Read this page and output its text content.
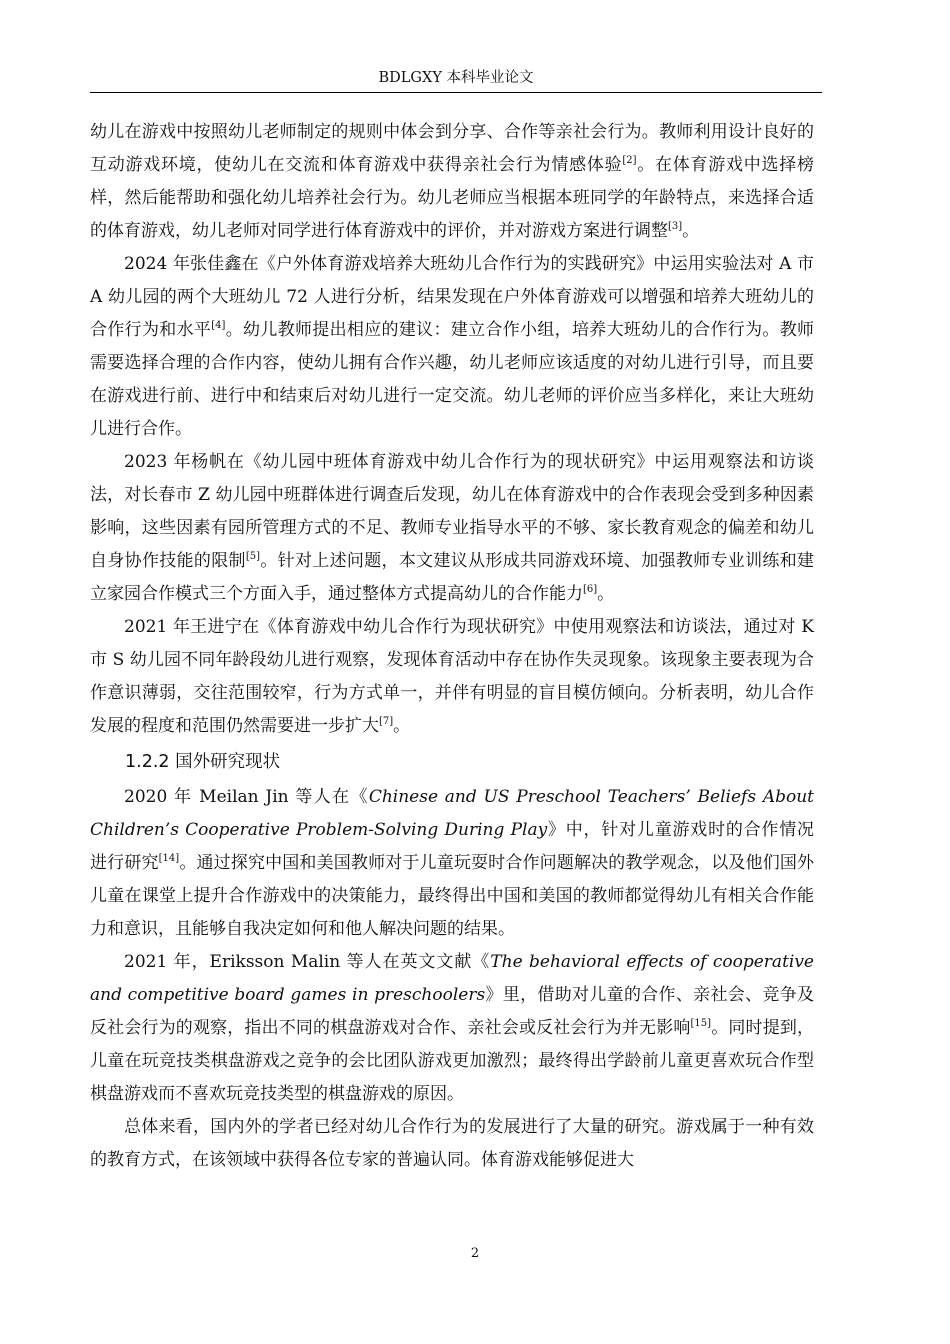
BDLGXY 本科毕业论文

幼儿在游戏中按照幼儿老师制定的规则中体会到分享、合作等亲社会行为。教师利用设计良好的互动游戏环境，使幼儿在交流和体育游戏中获得亲社会行为情感体验[2]。在体育游戏中选择榜样，然后能帮助和强化幼儿培养社会行为。幼儿老师应当根据本班同学的年龄特点，来选择合适的体育游戏，幼儿老师对同学进行体育游戏中的评价，并对游戏方案进行调整[3]。

2024 年张佳鑫在《户外体育游戏培养大班幼儿合作行为的实践研究》中运用实验法对 A 市 A 幼儿园的两个大班幼儿 72 人进行分析，结果发现在户外体育游戏可以增强和培养大班幼儿的合作行为和水平[4]。幼儿教师提出相应的建议：建立合作小组，培养大班幼儿的合作行为。教师需要选择合理的合作内容，使幼儿拥有合作兴趣，幼儿老师应该适度的对幼儿进行引导，而且要在游戏进行前、进行中和结束后对幼儿进行一定交流。幼儿老师的评价应当多样化，来让大班幼儿进行合作。

2023 年杨帆在《幼儿园中班体育游戏中幼儿合作行为的现状研究》中运用观察法和访谈法，对长春市 Z 幼儿园中班群体进行调查后发现，幼儿在体育游戏中的合作表现会受到多种因素影响，这些因素有园所管理方式的不足、教师专业指导水平的不够、家长教育观念的偏差和幼儿自身协作技能的限制[5]。针对上述问题，本文建议从形成共同游戏环境、加强教师专业训练和建立家园合作模式三个方面入手，通过整体方式提高幼儿的合作能力[6]。

2021 年王进宁在《体育游戏中幼儿合作行为现状研究》中使用观察法和访谈法，通过对 K 市 S 幼儿园不同年龄段幼儿进行观察，发现体育活动中存在协作失灵现象。该现象主要表现为合作意识薄弱，交往范围较窄，行为方式单一，并伴有明显的盲目模仿倾向。分析表明，幼儿合作发展的程度和范围仍然需要进一步扩大[7]。

1.2.2 国外研究现状

2020 年 Meilan Jin 等人在《Chinese and US Preschool Teachers’ Beliefs About Children’s Cooperative Problem-Solving During Play》中，针对儿童游戏时的合作情况进行研究[14]。通过探究中国和美国教师对于儿童玩耍时合作问题解决的教学观念，以及他们国外儿童在课堂上提升合作游戏中的决策能力，最终得出中国和美国的教师都觉得幼儿有相关合作能力和意识，且能够自我决定如何和他人解决问题的结果。

2021 年，Eriksson Malin 等人在英文文献《The behavioral effects of cooperative and competitive board games in preschoolers》里，借助对儿童的合作、亲社会、竞争及反社会行为的观察，指出不同的棋盘游戏对合作、亲社会或反社会行为并无影响[15]。同时提到，儿童在玩竞技类棋盘游戏之竞争的会比团队游戏更加激烈；最终得出学龄前儿童更喜欢玩合作型棋盘游戏而不喜欢玩竞技类型的棋盘游戏的原因。

总体来看，国内外的学者已经对幼儿合作行为的发展进行了大量的研究。游戏属于一种有效的教育方式，在该领域中获得各位专家的普遍认同。体育游戏能够促进大

2
